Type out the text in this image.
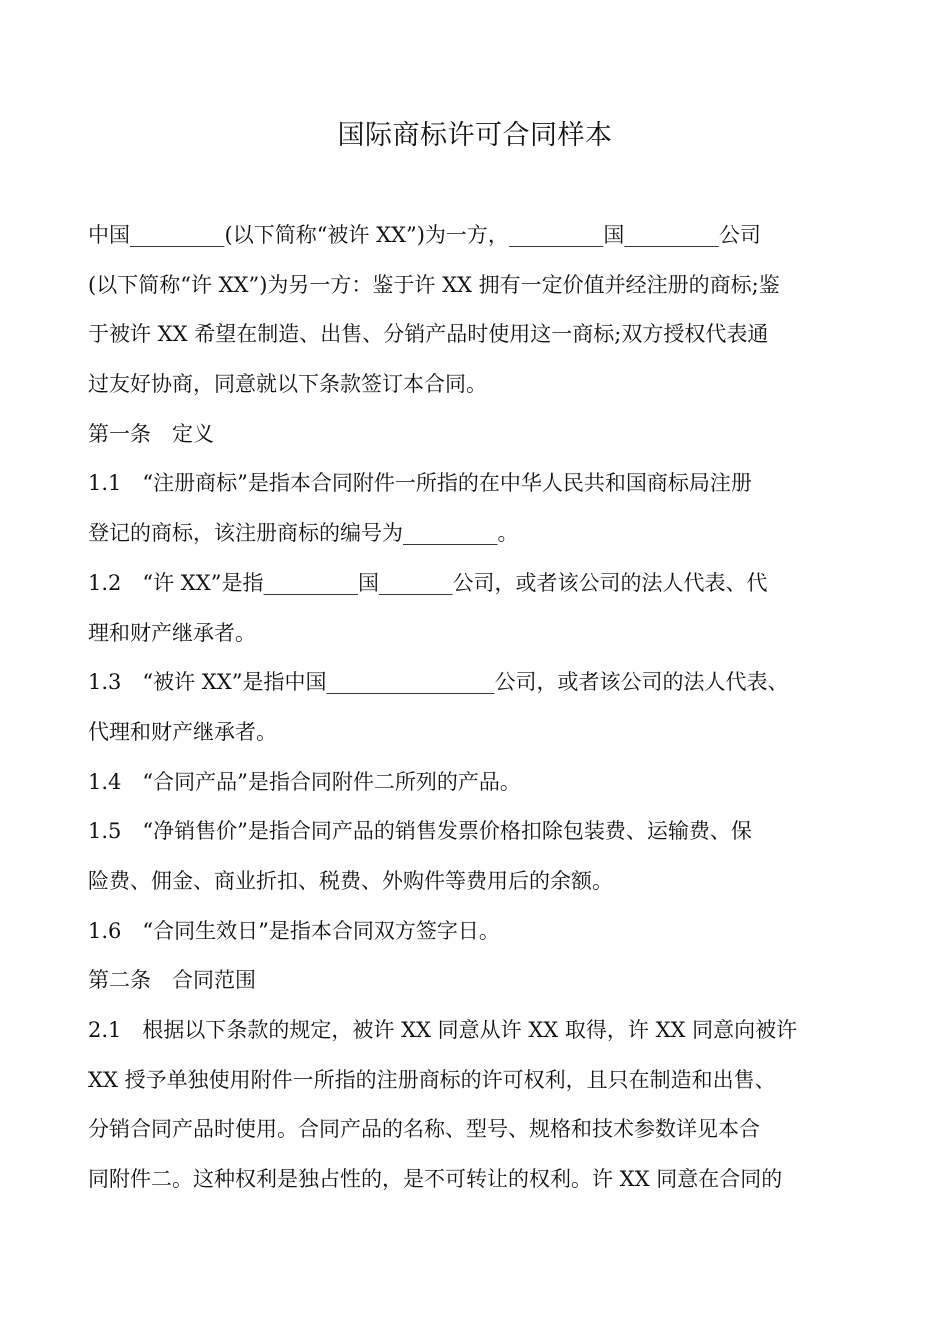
国际商标许可合同样本
中国_________(以下简称“被许 XX”)为一方，_________国_________公司
(以下简称“许 XX”)为另一方：鉴于许 XX 拥有一定价值并经注册的商标;鉴
于被许 XX 希望在制造、出售、分销产品时使用这一商标;双方授权代表通
过友好协商，同意就以下条款签订本合同。
第一条　定义
1.1　“注册商标”是指本合同附件一所指的在中华人民共和国商标局注册
登记的商标，该注册商标的编号为_________。
1.2　“许 XX”是指_________国_______公司，或者该公司的法人代表、代
理和财产继承者。
1.3　“被许 XX”是指中国________________公司，或者该公司的法人代表、
代理和财产继承者。
1.4　“合同产品”是指合同附件二所列的产品。
1.5　“净销售价”是指合同产品的销售发票价格扣除包装费、运输费、保
险费、佣金、商业折扣、税费、外购件等费用后的余额。
1.6　“合同生效日”是指本合同双方签字日。
第二条　合同范围
2.1　根据以下条款的规定，被许 XX 同意从许 XX 取得，许 XX 同意向被许
XX 授予单独使用附件一所指的注册商标的许可权利，且只在制造和出售、
分销合同产品时使用。合同产品的名称、型号、规格和技术参数详见本合
同附件二。这种权利是独占性的，是不可转让的权利。许 XX 同意在合同的
